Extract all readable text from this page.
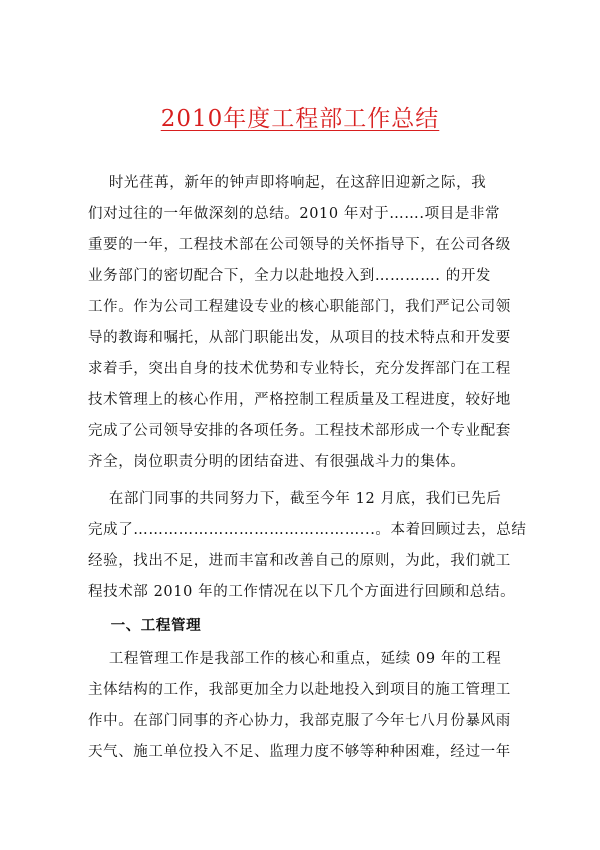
2010年度工程部工作总结
时光荏苒，新年的钟声即将响起，在这辞旧迎新之际，我
们对过往的一年做深刻的总结。2010 年对于…….项目是非常
重要的一年，工程技术部在公司领导的关怀指导下，在公司各级
业务部门的密切配合下，全力以赴地投入到…………. 的开发
工作。作为公司工程建设专业的核心职能部门，我们严记公司领
导的教诲和嘱托，从部门职能出发，从项目的技术特点和开发要
求着手，突出自身的技术优势和专业特长，充分发挥部门在工程
技术管理上的核心作用，严格控制工程质量及工程进度，较好地
完成了公司领导安排的各项任务。工程技术部形成一个专业配套
齐全，岗位职责分明的团结奋进、有很强战斗力的集体。
在部门同事的共同努力下，截至今年 12 月底，我们已先后
完成了………………………………………...。本着回顾过去，总结
经验，找出不足，进而丰富和改善自己的原则，为此，我们就工
程技术部 2010 年的工作情况在以下几个方面进行回顾和总结。
一、工程管理
工程管理工作是我部工作的核心和重点，延续 09 年的工程
主体结构的工作，我部更加全力以赴地投入到项目的施工管理工
作中。在部门同事的齐心协力，我部克服了今年七八月份暴风雨
天气、施工单位投入不足、监理力度不够等种种困难，经过一年
